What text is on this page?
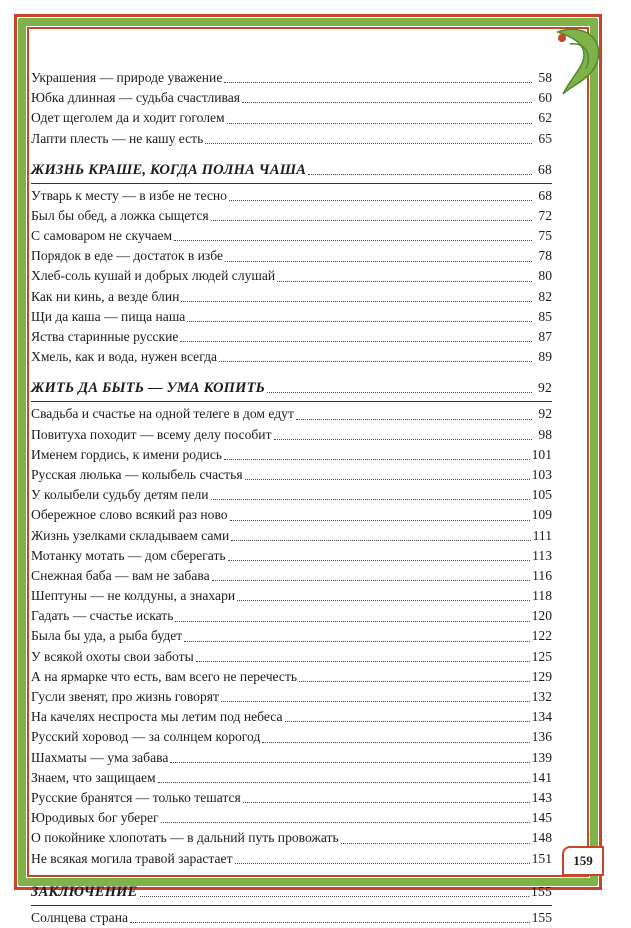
Украшения — природе уважение	58
Юбка длинная — судьба счастливая	60
Одет щеголем да и ходит гоголем	62
Лапти плесть — не кашу есть	65
ЖИЗНЬ КРАШЕ, КОГДА ПОЛНА ЧАША	68
Утварь к месту — в избе не тесно	68
Был бы обед, а ложка сыщется	72
С самоваром не скучаем	75
Порядок в еде — достаток в избе	78
Хлеб-соль кушай и добрых людей слушай	80
Как ни кинь, а везде блин	82
Щи да каша — пища наша	85
Яства старинные русские	87
Хмель, как и вода, нужен всегда	89
ЖИТЬ ДА БЫТЬ — УМА КОПИТЬ	92
Свадьба и счастье на одной телеге в дом едут	92
Повитуха походит — всему делу пособит	98
Именем гордись, к имени родись	101
Русская люлька — колыбель счастья	103
У колыбели судьбу детям пели	105
Обережное слово всякий раз ново	109
Жизнь узелками складываем сами	111
Мотанку мотать — дом сберегать	113
Снежная баба — вам не забава	116
Шептуны — не колдуны, а знахари	118
Гадать — счастье искать	120
Была бы уда, а рыба будет	122
У всякой охоты свои заботы	125
А на ярмарке что есть, вам всего не перечесть	129
Гусли звенят, про жизнь говорят	132
На качелях неспроста мы летим под небеса	134
Русский хоровод — за солнцем корогод	136
Шахматы — ума забава	139
Знаем, что защищаем	141
Русские бранятся — только тешатся	143
Юродивых бог уберег	145
О покойнике хлопотать — в дальний путь провожать	148
Не всякая могила травой зарастает	151
ЗАКЛЮЧЕНИЕ	155
Солнцева страна	155
159
